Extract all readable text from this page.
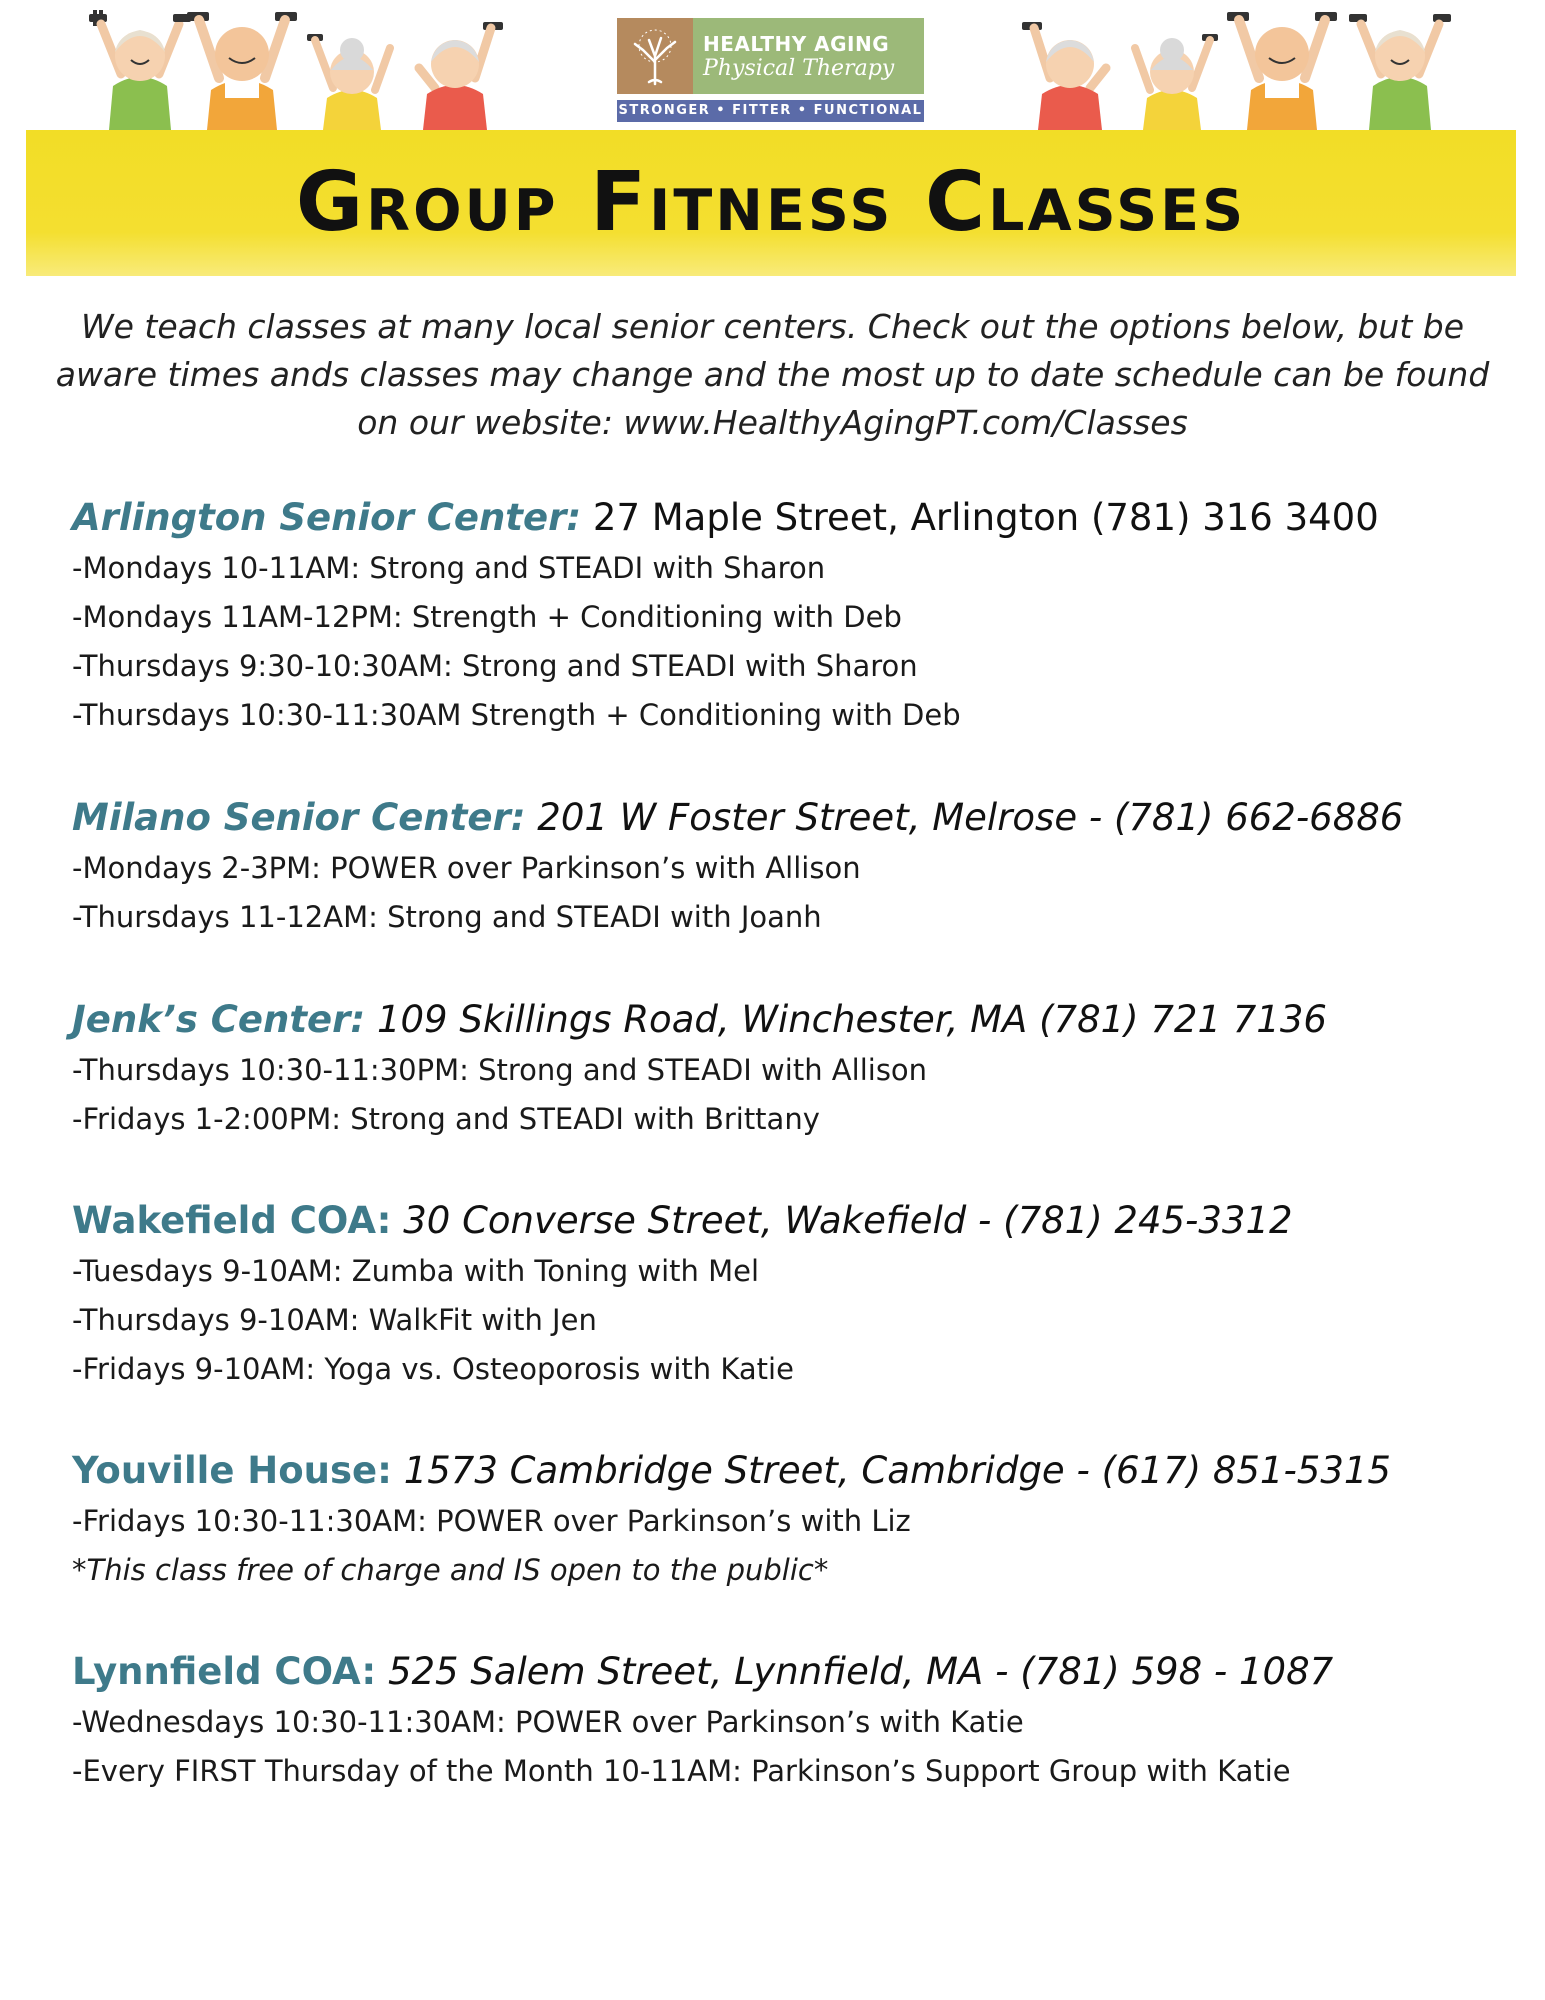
HEALTHY AGING
Physical Therapy
STRONGER • FITTER • FUNCTIONAL
Group Fitness Classes
We teach classes at many local senior centers. Check out the options below, but be aware times ands classes may change and the most up to date schedule can be found on our website: www.HealthyAgingPT.com/Classes
Arlington Senior Center: 27 Maple Street, Arlington (781) 316 3400
-Mondays 10-11AM: Strong and STEADI with Sharon
-Mondays 11AM-12PM: Strength + Conditioning with Deb
-Thursdays 9:30-10:30AM: Strong and STEADI with Sharon
-Thursdays 10:30-11:30AM Strength + Conditioning with Deb
Milano Senior Center: 201 W Foster Street, Melrose - (781) 662-6886
-Mondays 2-3PM: POWER over Parkinson’s with Allison
-Thursdays 11-12AM: Strong and STEADI with Joanh
Jenk’s Center: 109 Skillings Road, Winchester, MA (781) 721 7136
-Thursdays 10:30-11:30PM: Strong and STEADI with Allison
-Fridays 1-2:00PM: Strong and STEADI with Brittany
Wakefield COA: 30 Converse Street, Wakefield - (781) 245-3312
-Tuesdays 9-10AM: Zumba with Toning with Mel
-Thursdays 9-10AM: WalkFit with Jen
-Fridays 9-10AM: Yoga vs. Osteoporosis with Katie
Youville House: 1573 Cambridge Street, Cambridge - (617) 851-5315
-Fridays 10:30-11:30AM: POWER over Parkinson’s with Liz
*This class free of charge and IS open to the public*
Lynnfield COA: 525 Salem Street, Lynnfield, MA - (781) 598 - 1087
-Wednesdays 10:30-11:30AM: POWER over Parkinson’s with Katie
-Every FIRST Thursday of the Month 10-11AM: Parkinson’s Support Group with Katie
